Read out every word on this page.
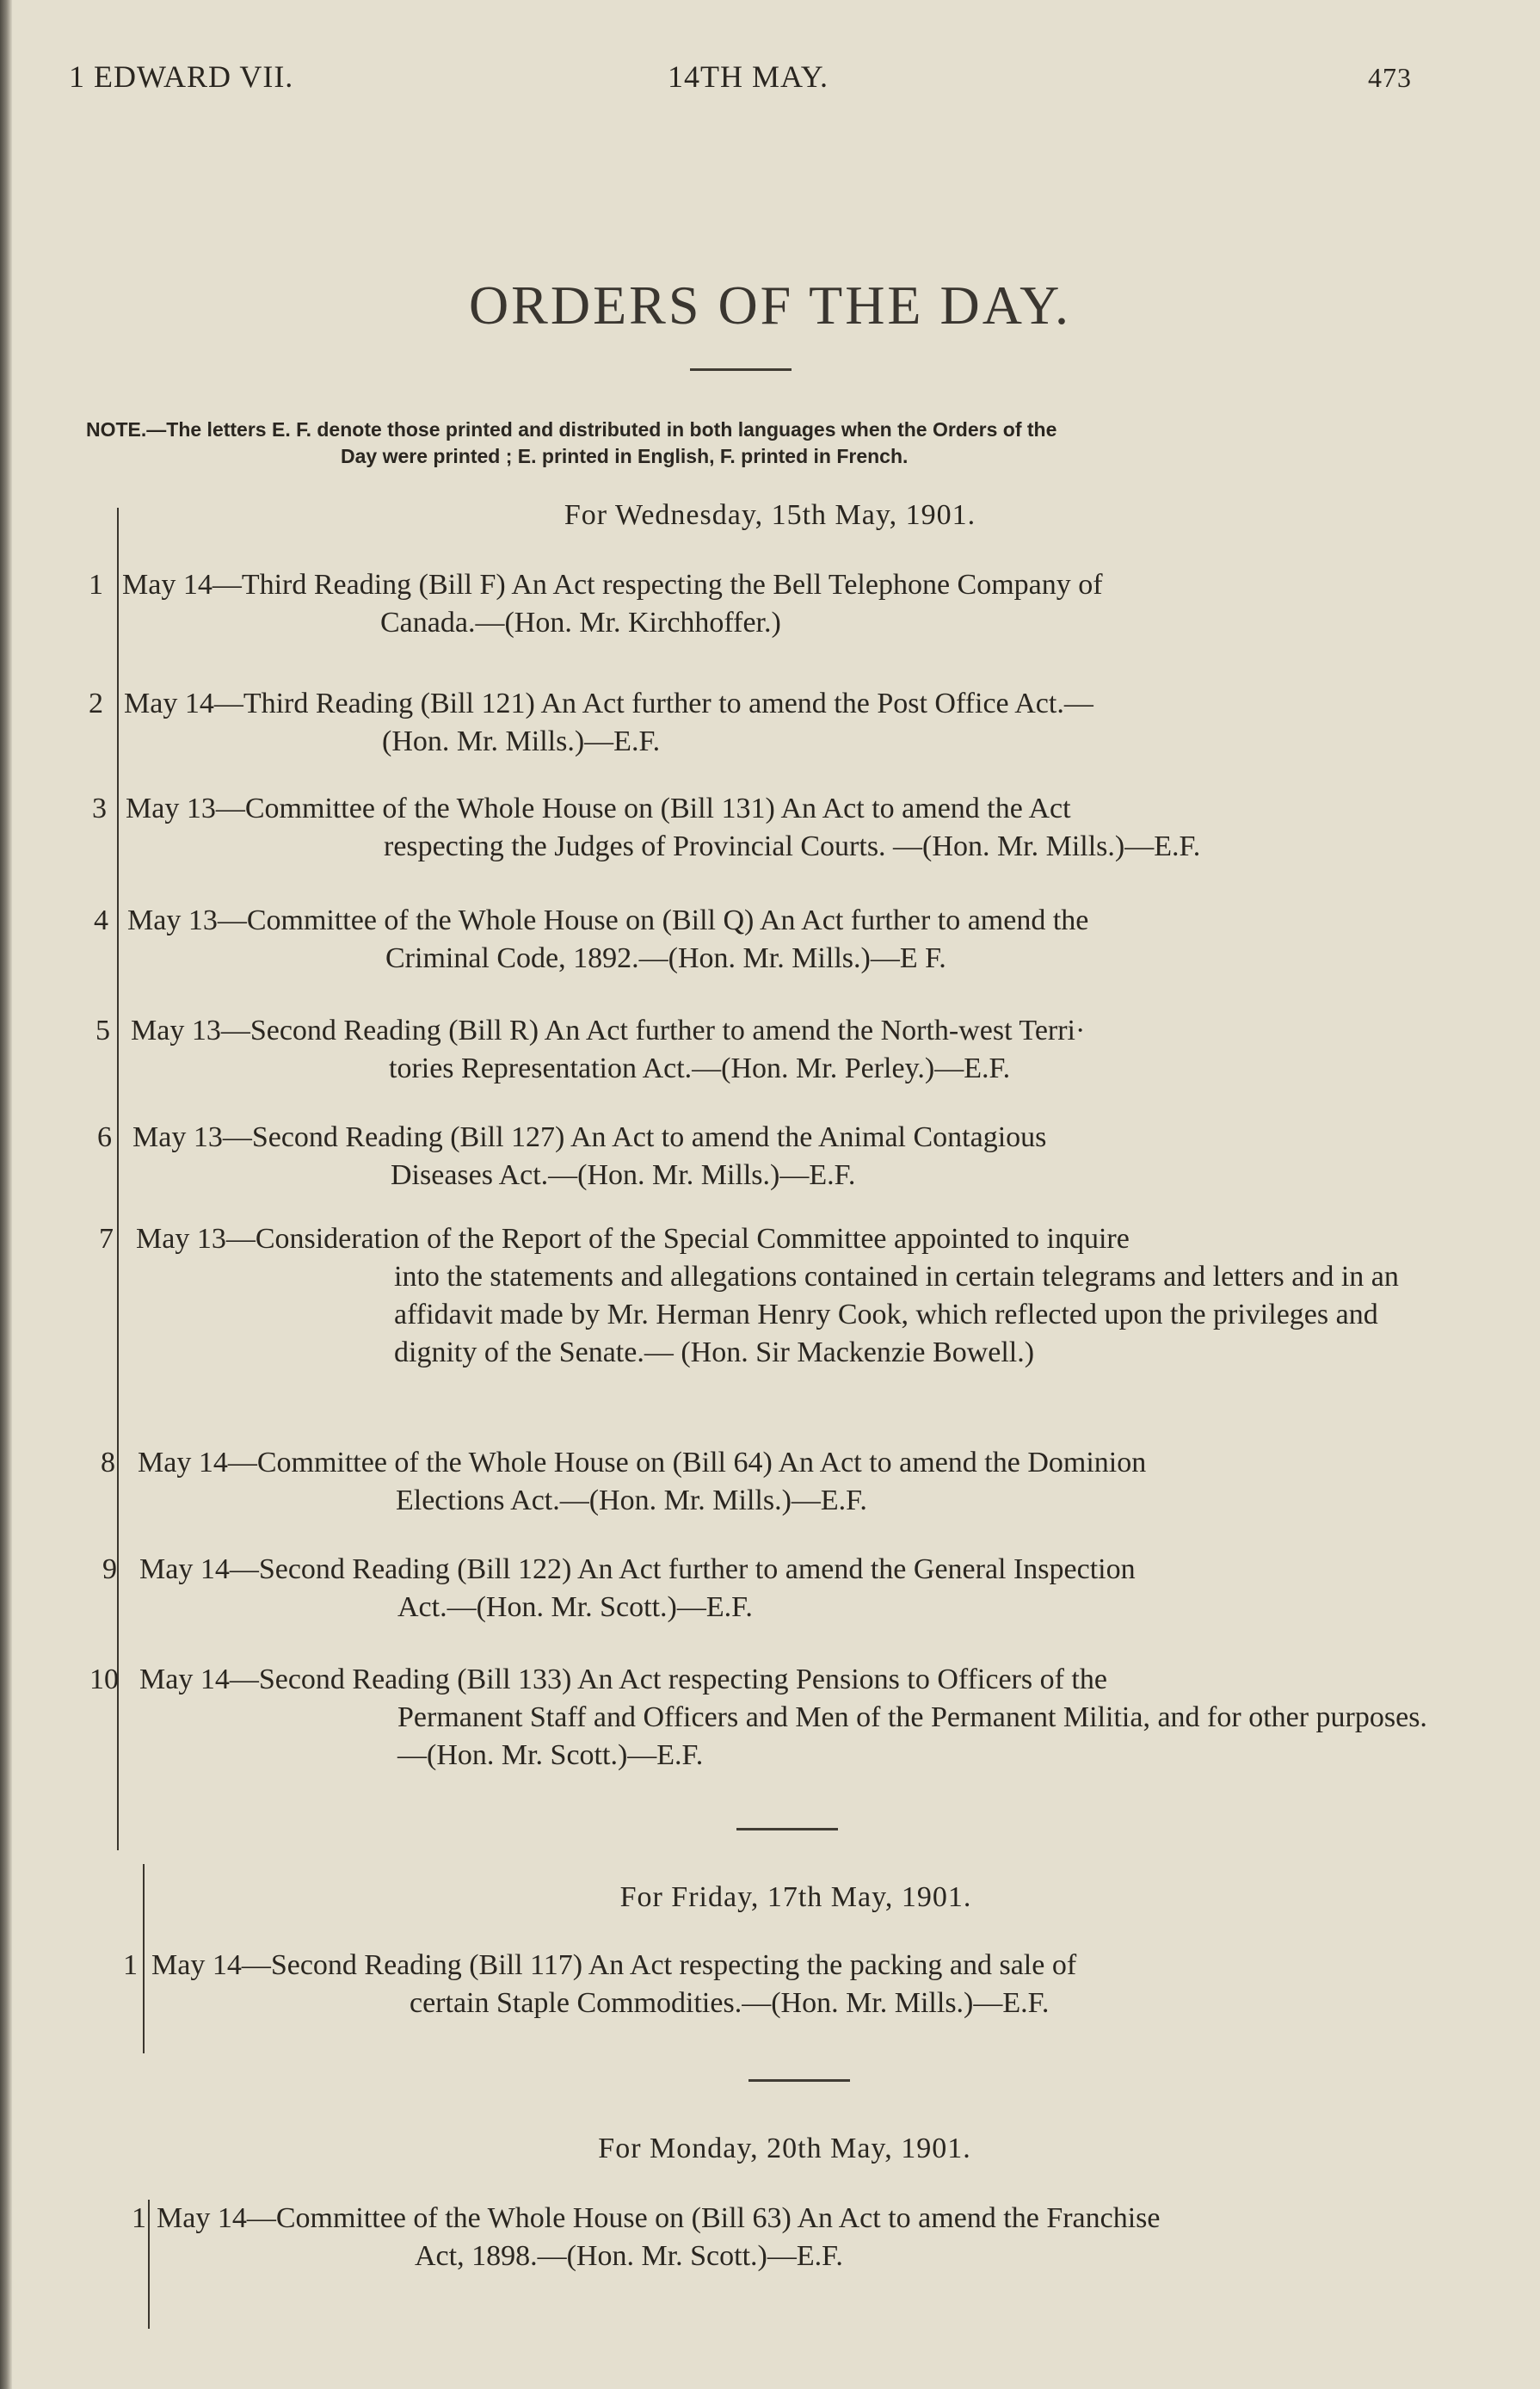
1 EDWARD VII.	14TH MAY.	473
ORDERS OF THE DAY.
NOTE.—The letters E. F. denote those printed and distributed in both languages when the Orders of the
Day were printed ; E. printed in English, F. printed in French.
For Wednesday, 15th May, 1901.
1 May 14—Third Reading (Bill F) An Act respecting the Bell Telephone Company of
Canada.—(Hon. Mr. Kirchhoffer.)
2 May 14—Third Reading (Bill 121) An Act further to amend the Post Office Act.—
(Hon. Mr. Mills.)—E.F.
3 May 13—Committee of the Whole House on (Bill 131) An Act to amend the Act
respecting the Judges of Provincial Courts. —(Hon. Mr. Mills.)—E.F.
4 May 13—Committee of the Whole House on (Bill Q) An Act further to amend the
Criminal Code, 1892.—(Hon. Mr. Mills.)—E F.
5 May 13—Second Reading (Bill R) An Act further to amend the North-west Terri·
tories Representation Act.—(Hon. Mr. Perley.)—E.F.
6 May 13—Second Reading (Bill 127) An Act to amend the Animal Contagious
Diseases Act.—(Hon. Mr. Mills.)—E.F.
7 May 13—Consideration of the Report of the Special Committee appointed to inquire
into the statements and allegations contained in certain telegrams and letters and in an affidavit made by Mr. Herman Henry Cook, which reflected upon the privileges and dignity of the Senate.— (Hon. Sir Mackenzie Bowell.)
8 May 14—Committee of the Whole House on (Bill 64) An Act to amend the Dominion
Elections Act.—(Hon. Mr. Mills.)—E.F.
9 May 14—Second Reading (Bill 122) An Act further to amend the General Inspection
Act.—(Hon. Mr. Scott.)—E.F.
10 May 14—Second Reading (Bill 133) An Act respecting Pensions to Officers of the
Permanent Staff and Officers and Men of the Permanent Militia, and for other purposes.—(Hon. Mr. Scott.)—E.F.
For Friday, 17th May, 1901.
1 May 14—Second Reading (Bill 117) An Act respecting the packing and sale of
certain Staple Commodities.—(Hon. Mr. Mills.)—E.F.
For Monday, 20th May, 1901.
1 May 14—Committee of the Whole House on (Bill 63) An Act to amend the Franchise
Act, 1898.—(Hon. Mr. Scott.)—E.F.
